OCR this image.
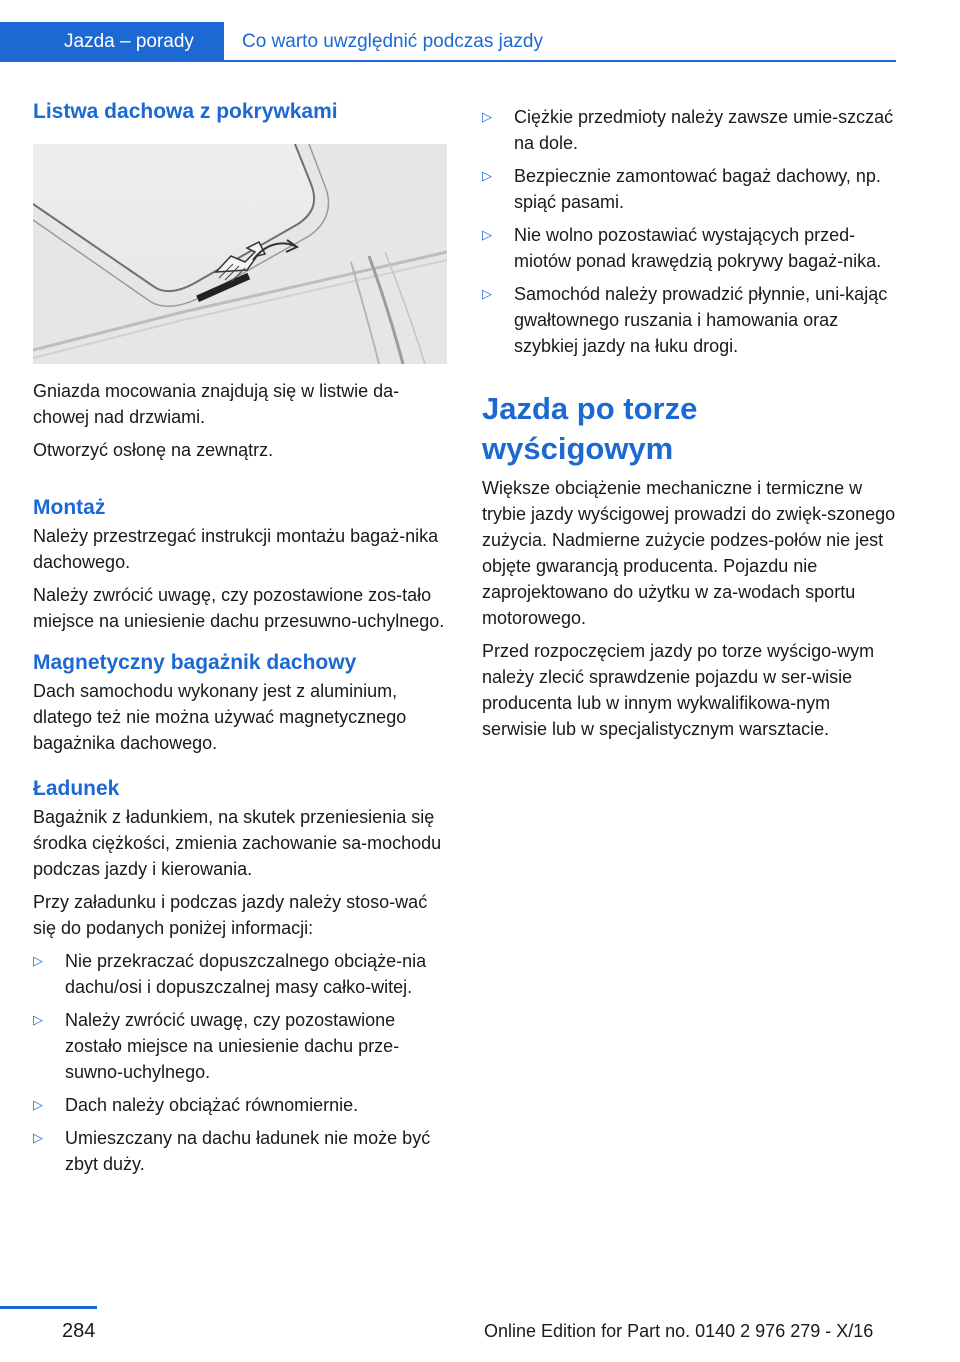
Jazda – porady	Co warto uwzględnić podczas jazdy
Listwa dachowa z pokrywkami

Gniazda mocowania znajdują się w listwie da-chowej nad drzwiami.

Otworzyć osłonę na zewnątrz.

Montaż

Należy przestrzegać instrukcji montażu bagaż-nika dachowego.

Należy zwrócić uwagę, czy pozostawione zos-tało miejsce na uniesienie dachu przesuwno-uchylnego.

Magnetyczny bagażnik dachowy

Dach samochodu wykonany jest z aluminium, dlatego też nie można używać magnetycznego bagażnika dachowego.

Ładunek

Bagażnik z ładunkiem, na skutek przeniesienia się środka ciężkości, zmienia zachowanie sa-mochodu podczas jazdy i kierowania.

Przy załadunku i podczas jazdy należy stoso-wać się do podanych poniżej informacji:

▷ Nie przekraczać dopuszczalnego obciąże-nia dachu/osi i dopuszczalnej masy całko-witej.
▷ Należy zwrócić uwagę, czy pozostawione zostało miejsce na uniesienie dachu prze-suwno-uchylnego.
▷ Dach należy obciążać równomiernie.
▷ Umieszczany na dachu ładunek nie może być zbyt duży.
▷ Ciężkie przedmioty należy zawsze umie-szczać na dole.
▷ Bezpiecznie zamontować bagaż dachowy, np. spiąć pasami.
▷ Nie wolno pozostawiać wystających przed-miotów ponad krawędzią pokrywy bagaż-nika.
▷ Samochód należy prowadzić płynnie, uni-kając gwałtownego ruszania i hamowania oraz szybkiej jazdy na łuku drogi.
Jazda po torze wyścigowym

Większe obciążenie mechaniczne i termiczne w trybie jazdy wyścigowej prowadzi do zwięk-szonego zużycia. Nadmierne zużycie podzes-połów nie jest objęte gwarancją producenta. Pojazdu nie zaprojektowano do użytku w za-wodach sportu motorowego.

Przed rozpoczęciem jazdy po torze wyścigo-wym należy zlecić sprawdzenie pojazdu w ser-wisie producenta lub w innym wykwalifikowa-nym serwisie lub w specjalistycznym warsztacie.

284	Online Edition for Part no. 0140 2 976 279 - X/16
